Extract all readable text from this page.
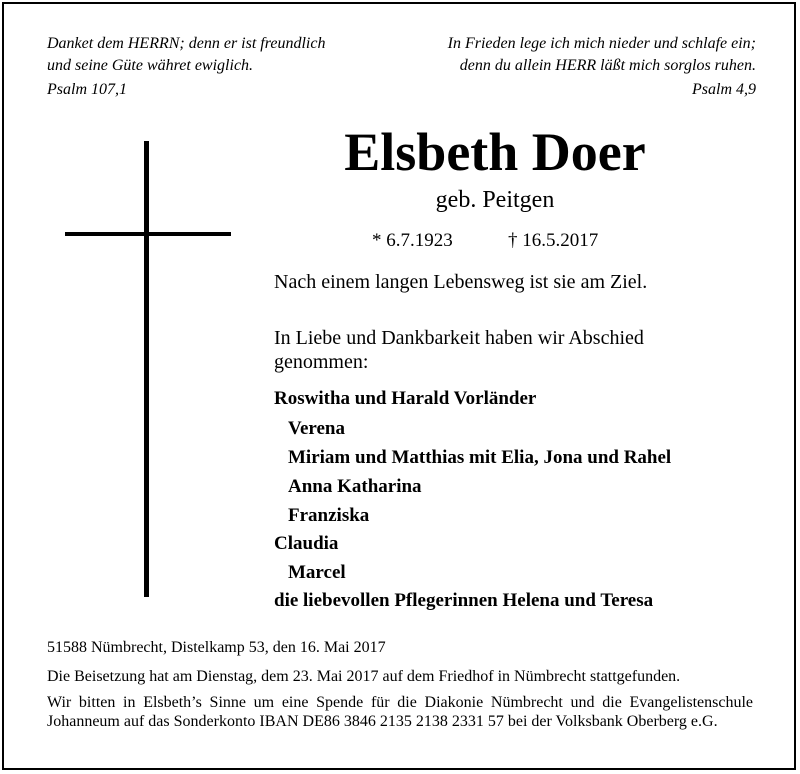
Danket dem HERRN; denn er ist freundlich
und seine Güte währet ewiglich.
Psalm 107,1
In Frieden lege ich mich nieder und schlafe ein;
denn du allein HERR läßt mich sorglos ruhen.
Psalm 4,9
Elsbeth Doer
geb. Peitgen
* 6.7.1923	† 16.5.2017
Nach einem langen Lebensweg ist sie am Ziel.
In Liebe und Dankbarkeit haben wir Abschied
genommen:
Roswitha und Harald Vorländer
Verena
Miriam und Matthias mit Elia, Jona und Rahel
Anna Katharina
Franziska
Claudia
Marcel
die liebevollen Pflegerinnen Helena und Teresa
51588 Nümbrecht, Distelkamp 53, den 16. Mai 2017
Die Beisetzung hat am Dienstag, dem 23. Mai 2017 auf dem Friedhof in Nümbrecht stattgefunden.
Wir bitten in Elsbeth’s Sinne um eine Spende für die Diakonie Nümbrecht und die Evangelistenschule Johanneum auf das Sonderkonto IBAN DE86 3846 2135 2138 2331 57 bei der Volksbank Oberberg e.G.
